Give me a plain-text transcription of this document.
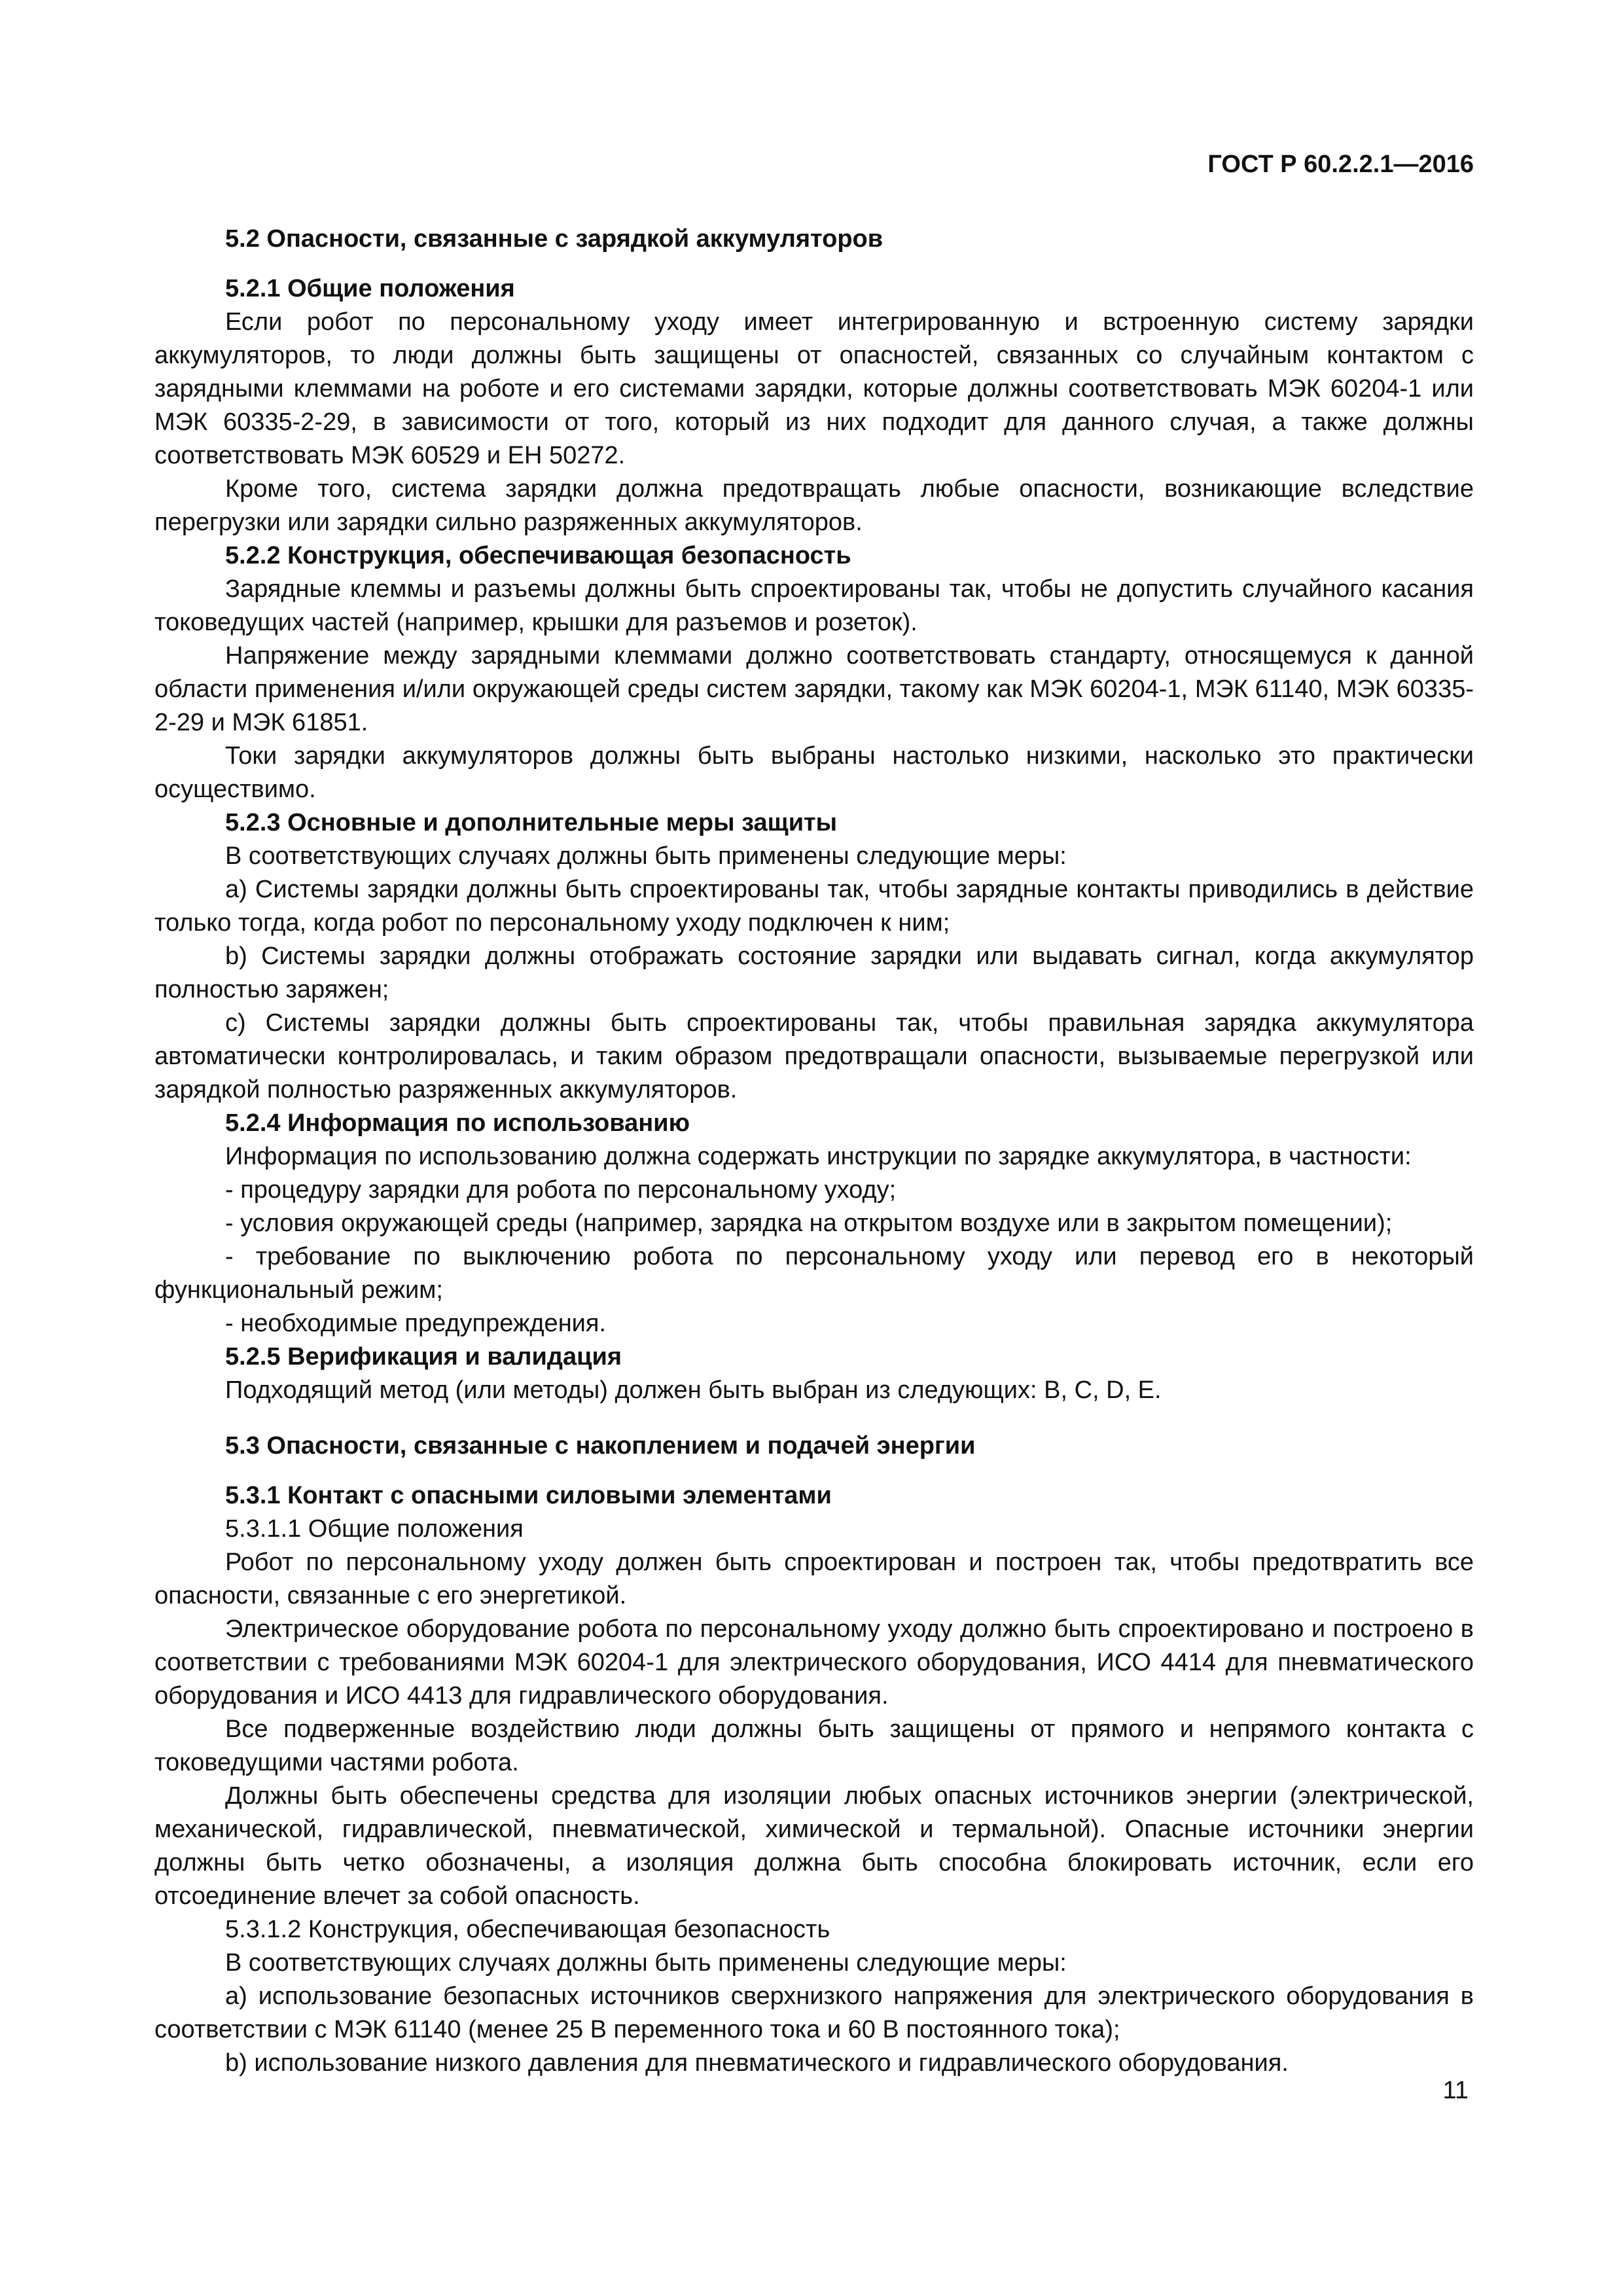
ГОСТ Р 60.2.2.1—2016

5.2 Опасности, связанные с зарядкой аккумуляторов

5.2.1 Общие положения

Если робот по персональному уходу имеет интегрированную и встроенную систему зарядки аккумуляторов, то люди должны быть защищены от опасностей, связанных со случайным контактом с зарядными клеммами на роботе и его системами зарядки, которые должны соответствовать МЭК 60204-1 или МЭК 60335-2-29, в зависимости от того, который из них подходит для данного случая, а также должны соответствовать МЭК 60529 и ЕН 50272.

Кроме того, система зарядки должна предотвращать любые опасности, возникающие вследствие перегрузки или зарядки сильно разряженных аккумуляторов.

5.2.2 Конструкция, обеспечивающая безопасность

Зарядные клеммы и разъемы должны быть спроектированы так, чтобы не допустить случайного касания токоведущих частей (например, крышки для разъемов и розеток).

Напряжение между зарядными клеммами должно соответствовать стандарту, относящемуся к данной области применения и/или окружающей среды систем зарядки, такому как МЭК 60204-1, МЭК 61140, МЭК 60335-2-29 и МЭК 61851.

Токи зарядки аккумуляторов должны быть выбраны настолько низкими, насколько это практически осуществимо.

5.2.3 Основные и дополнительные меры защиты

В соответствующих случаях должны быть применены следующие меры:

a) Системы зарядки должны быть спроектированы так, чтобы зарядные контакты приводились в действие только тогда, когда робот по персональному уходу подключен к ним;

b) Системы зарядки должны отображать состояние зарядки или выдавать сигнал, когда аккумулятор полностью заряжен;

c) Системы зарядки должны быть спроектированы так, чтобы правильная зарядка аккумулятора автоматически контролировалась, и таким образом предотвращали опасности, вызываемые перегрузкой или зарядкой полностью разряженных аккумуляторов.

5.2.4 Информация по использованию

Информация по использованию должна содержать инструкции по зарядке аккумулятора, в частности:

- процедуру зарядки для робота по персональному уходу;

- условия окружающей среды (например, зарядка на открытом воздухе или в закрытом помещении);

- требование по выключению робота по персональному уходу или перевод его в некоторый функциональный режим;

- необходимые предупреждения.

5.2.5 Верификация и валидация

Подходящий метод (или методы) должен быть выбран из следующих: B, C, D, E.

5.3 Опасности, связанные с накоплением и подачей энергии

5.3.1 Контакт с опасными силовыми элементами

5.3.1.1 Общие положения

Робот по персональному уходу должен быть спроектирован и построен так, чтобы предотвратить все опасности, связанные с его энергетикой.

Электрическое оборудование робота по персональному уходу должно быть спроектировано и построено в соответствии с требованиями МЭК 60204-1 для электрического оборудования, ИСО 4414 для пневматического оборудования и ИСО 4413 для гидравлического оборудования.

Все подверженные воздействию люди должны быть защищены от прямого и непрямого контакта с токоведущими частями робота.

Должны быть обеспечены средства для изоляции любых опасных источников энергии (электрической, механической, гидравлической, пневматической, химической и термальной). Опасные источники энергии должны быть четко обозначены, а изоляция должна быть способна блокировать источник, если его отсоединение влечет за собой опасность.

5.3.1.2 Конструкция, обеспечивающая безопасность

В соответствующих случаях должны быть применены следующие меры:

a) использование безопасных источников сверхнизкого напряжения для электрического оборудования в соответствии с МЭК 61140 (менее 25 В переменного тока и 60 В постоянного тока);

b) использование низкого давления для пневматического и гидравлического оборудования.

11
